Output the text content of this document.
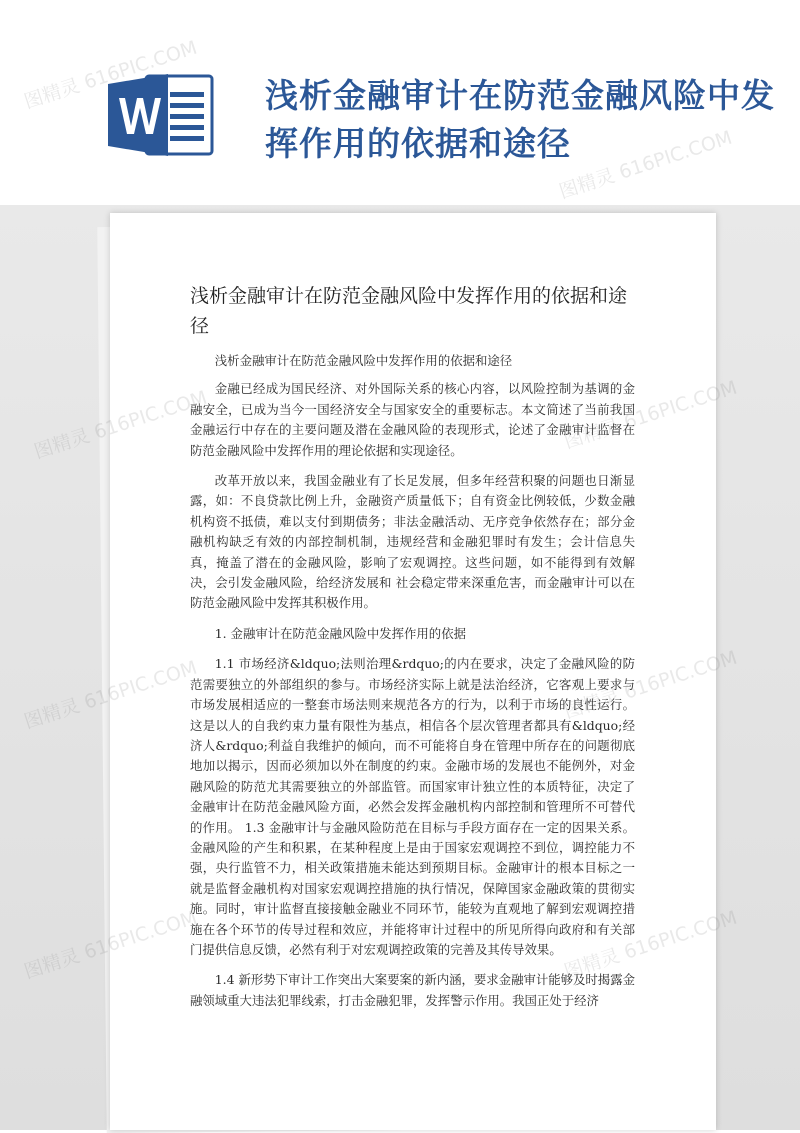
浅析金融审计在防范金融风险中发挥作用的依据和途径
浅析金融审计在防范金融风险中发挥作用的依据和途径

浅析金融审计在防范金融风险中发挥作用的依据和途径

金融已经成为国民经济、对外国际关系的核心内容，以风险控制为基调的金融安全，已成为当今一国经济安全与国家安全的重要标志。本文简述了当前我国金融运行中存在的主要问题及潜在金融风险的表现形式，论述了金融审计监督在防范金融风险中发挥作用的理论依据和实现途径。

改革开放以来，我国金融业有了长足发展，但多年经营积聚的问题也日渐显露，如：不良贷款比例上升，金融资产质量低下；自有资金比例较低，少数金融机构资不抵债，难以支付到期债务；非法金融活动、无序竞争依然存在；部分金融机构缺乏有效的内部控制机制，违规经营和金融犯罪时有发生；会计信息失真，掩盖了潜在的金融风险，影响了宏观调控。这些问题，如不能得到有效解决，会引发金融风险，给经济发展和 社会稳定带来深重危害，而金融审计可以在防范金融风险中发挥其积极作用。

1. 金融审计在防范金融风险中发挥作用的依据

1.1 市场经济&ldquo;法则治理&rdquo;的内在要求，决定了金融风险的防范需要独立的外部组织的参与。市场经济实际上就是法治经济，它客观上要求与市场发展相适应的一整套市场法则来规范各方的行为，以利于市场的良性运行。这是以人的自我约束力量有限性为基点，相信各个层次管理者都具有&ldquo;经济人&rdquo;利益自我维护的倾向，而不可能将自身在管理中所存在的问题彻底地加以揭示，因而必须加以外在制度的约束。金融市场的发展也不能例外，对金融风险的防范尤其需要独立的外部监管。而国家审计独立性的本质特征，决定了金融审计在防范金融风险方面，必然会发挥金融机构内部控制和管理所不可替代的作用。 1.3 金融审计与金融风险防范在目标与手段方面存在一定的因果关系。金融风险的产生和积累，在某种程度上是由于国家宏观调控不到位，调控能力不强，央行监管不力，相关政策措施未能达到预期目标。金融审计的根本目标之一就是监督金融机构对国家宏观调控措施的执行情况，保障国家金融政策的贯彻实施。同时，审计监督直接接触金融业不同环节，能较为直观地了解到宏观调控措施在各个环节的传导过程和效应，并能将审计过程中的所见所得向政府和有关部门提供信息反馈，必然有利于对宏观调控政策的完善及其传导效果。

1.4 新形势下审计工作突出大案要案的新内涵，要求金融审计能够及时揭露金融领域重大违法犯罪线索，打击金融犯罪，发挥警示作用。我国正处于经济
